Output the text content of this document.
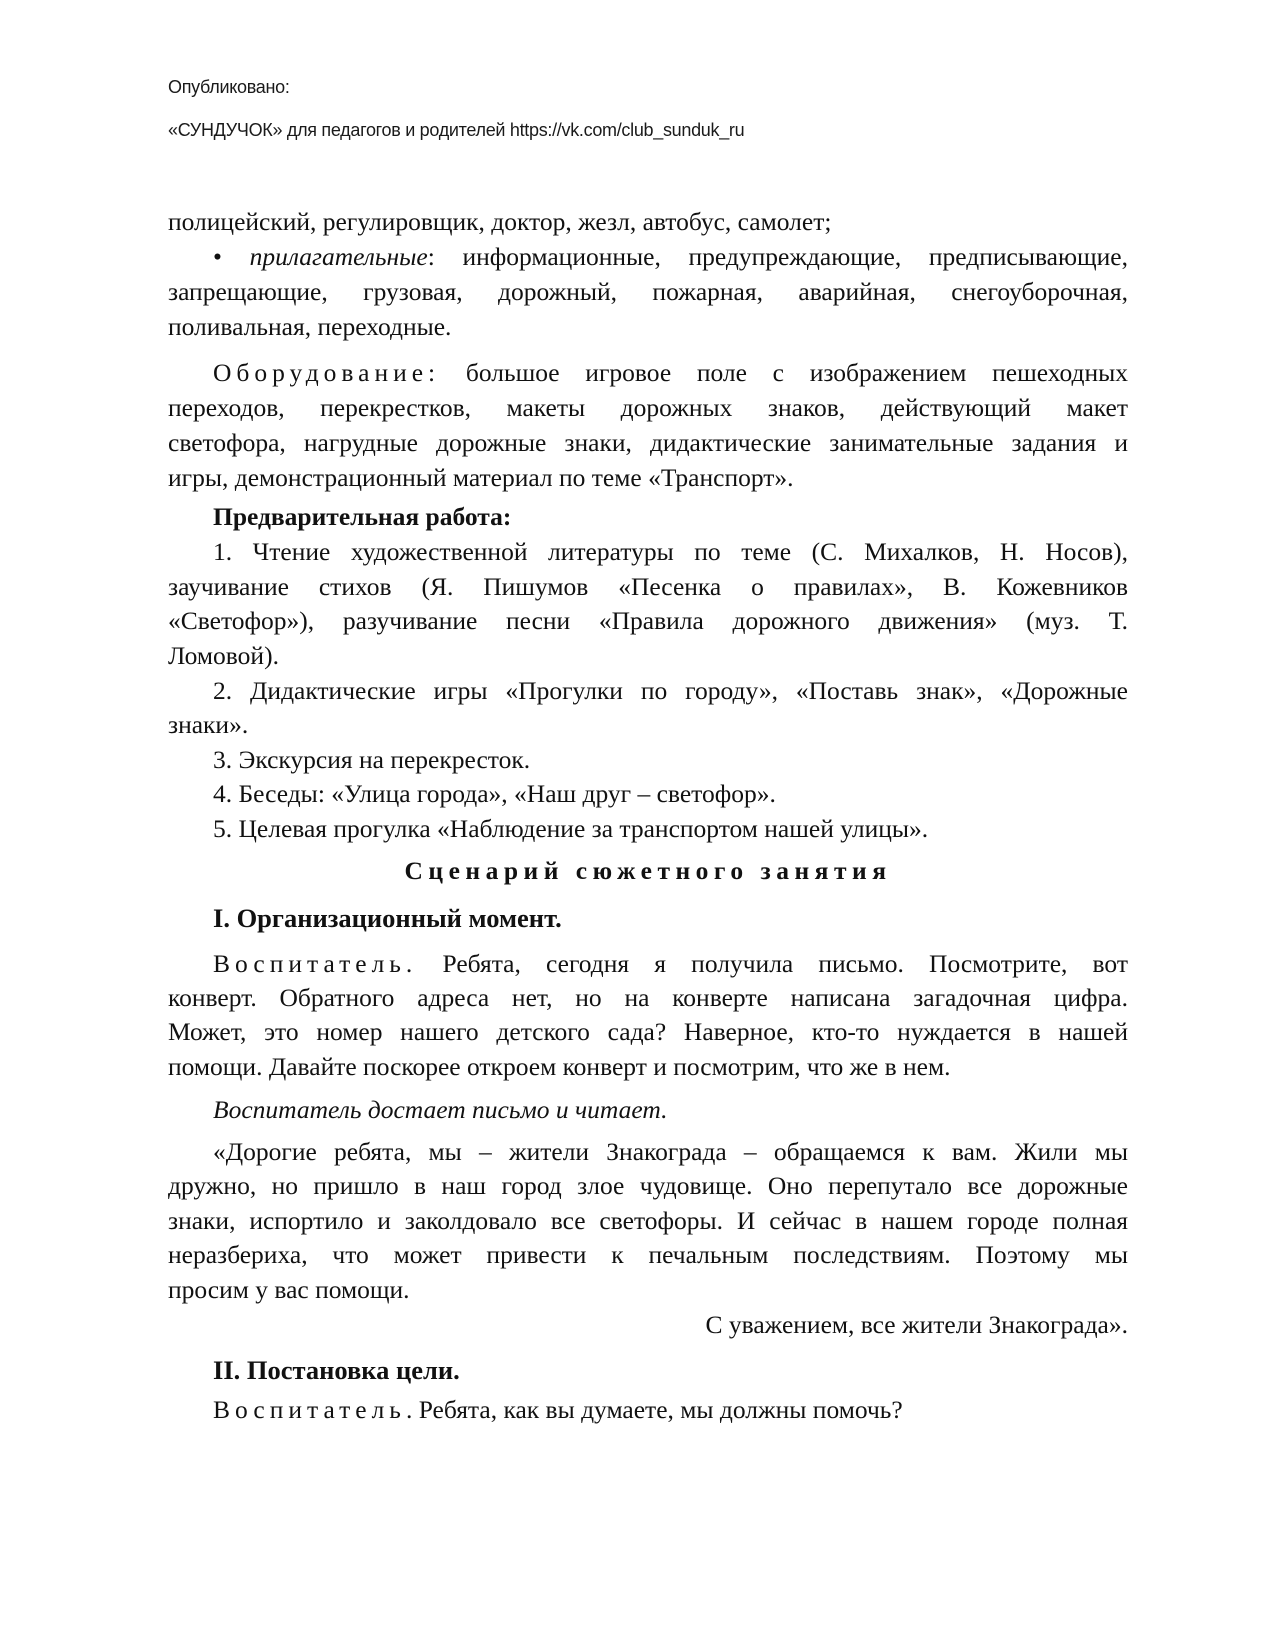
Опубликовано:
«СУНДУЧОК» для педагогов и родителей https://vk.com/club_sunduk_ru
полицейский, регулировщик, доктор, жезл, автобус, самолет;
• прилагательные: информационные, предупреждающие, предписывающие,
запрещающие, грузовая, дорожный, пожарная, аварийная, снегоуборочная,
поливальная, переходные.
Оборудование: большое игровое поле с изображением пешеходных
переходов, перекрестков, макеты дорожных знаков, действующий макет
светофора, нагрудные дорожные знаки, дидактические занимательные задания и
игры, демонстрационный материал по теме «Транспорт».
Предварительная работа:
1. Чтение художественной литературы по теме (С. Михалков, Н. Носов),
заучивание стихов (Я. Пишумов «Песенка о правилах», В. Кожевников
«Светофор»), разучивание песни «Правила дорожного движения» (муз. Т.
Ломовой).
2. Дидактические игры «Прогулки по городу», «Поставь знак», «Дорожные
знаки».
3. Экскурсия на перекресток.
4. Беседы: «Улица города», «Наш друг – светофор».
5. Целевая прогулка «Наблюдение за транспортом нашей улицы».
Сценарий сюжетного занятия
I. Организационный момент.
Воспитатель. Ребята, сегодня я получила письмо. Посмотрите, вот
конверт. Обратного адреса нет, но на конверте написана загадочная цифра.
Может, это номер нашего детского сада? Наверное, кто-то нуждается в нашей
помощи. Давайте поскорее откроем конверт и посмотрим, что же в нем.
Воспитатель достает письмо и читает.
«Дорогие ребята, мы – жители Знакограда – обращаемся к вам. Жили мы
дружно, но пришло в наш город злое чудовище. Оно перепутало все дорожные
знаки, испортило и заколдовало все светофоры. И сейчас в нашем городе полная
неразбериха, что может привести к печальным последствиям. Поэтому мы
просим у вас помощи.
С уважением, все жители Знакограда».
II. Постановка цели.
Воспитатель. Ребята, как вы думаете, мы должны помочь?
